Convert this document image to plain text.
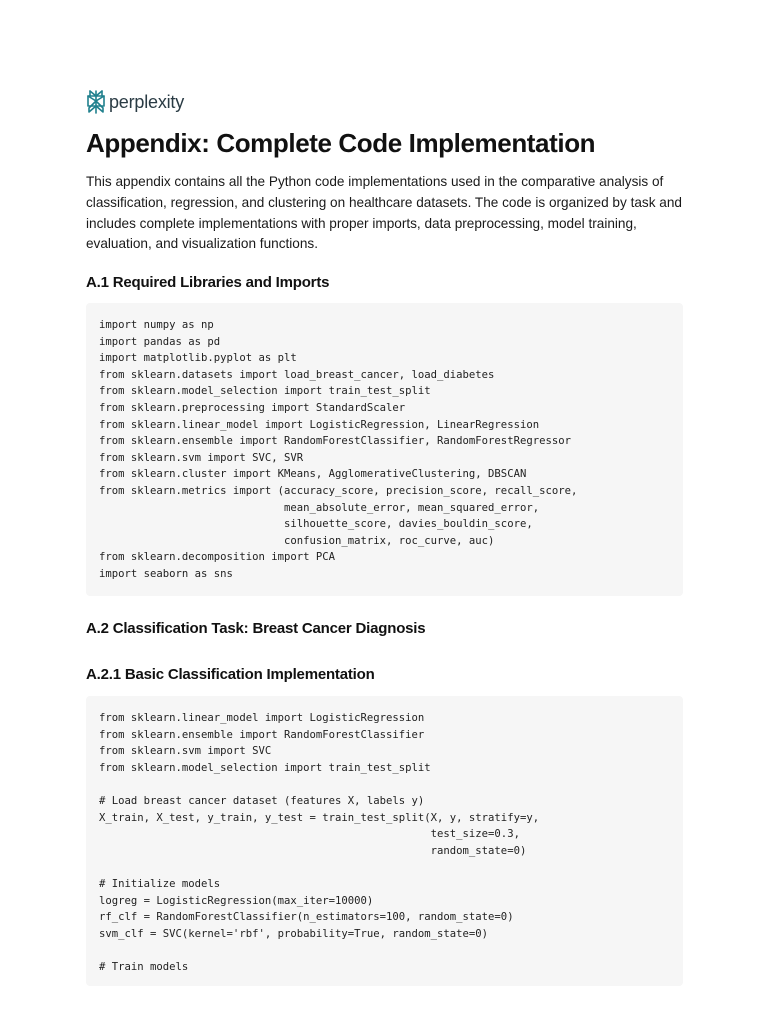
perplexity
Appendix: Complete Code Implementation

This appendix contains all the Python code implementations used in the comparative analysis of classification, regression, and clustering on healthcare datasets. The code is organized by task and includes complete implementations with proper imports, data preprocessing, model training, evaluation, and visualization functions.

A.1 Required Libraries and Imports
import numpy as np
import pandas as pd
import matplotlib.pyplot as plt
from sklearn.datasets import load_breast_cancer, load_diabetes
from sklearn.model_selection import train_test_split
from sklearn.preprocessing import StandardScaler
from sklearn.linear_model import LogisticRegression, LinearRegression
from sklearn.ensemble import RandomForestClassifier, RandomForestRegressor
from sklearn.svm import SVC, SVR
from sklearn.cluster import KMeans, AgglomerativeClustering, DBSCAN
from sklearn.metrics import (accuracy_score, precision_score, recall_score,
mean_absolute_error, mean_squared_error,
silhouette_score, davies_bouldin_score,
confusion_matrix, roc_curve, auc)
from sklearn.decomposition import PCA
import seaborn as sns
A.2 Classification Task: Breast Cancer Diagnosis
A.2.1 Basic Classification Implementation
from sklearn.linear_model import LogisticRegression
from sklearn.ensemble import RandomForestClassifier
from sklearn.svm import SVC
from sklearn.model_selection import train_test_split
# Load breast cancer dataset (features X, labels y)
X_train, X_test, y_train, y_test = train_test_split(X, y, stratify=y,
test_size=0.3,
random_state=0)
# Initialize models
logreg = LogisticRegression(max_iter=10000)
rf_clf = RandomForestClassifier(n_estimators=100, random_state=0)
svm_clf = SVC(kernel='rbf', probability=True, random_state=0)
# Train models
